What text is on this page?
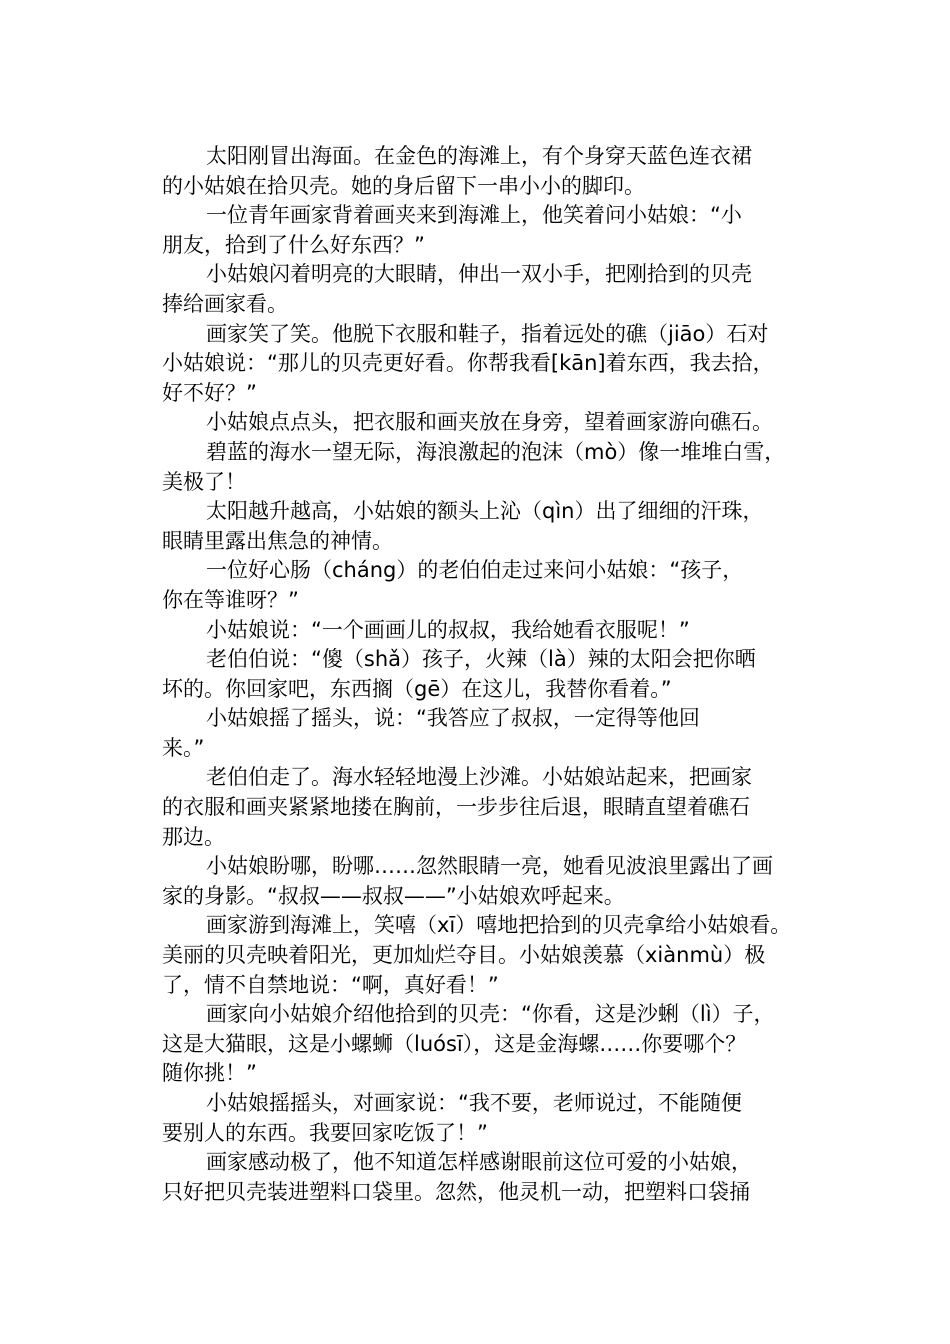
太阳刚冒出海面。在金色的海滩上，有个身穿天蓝色连衣裙
的小姑娘在拾贝壳。她的身后留下一串小小的脚印。

一位青年画家背着画夹来到海滩上，他笑着问小姑娘：“小
朋友，拾到了什么好东西？”

小姑娘闪着明亮的大眼睛，伸出一双小手，把刚拾到的贝壳
捧给画家看。

画家笑了笑。他脱下衣服和鞋子，指着远处的礁（jiāo）石对
小姑娘说：“那儿的贝壳更好看。你帮我看[kān]着东西，我去拾，
好不好？”

小姑娘点点头，把衣服和画夹放在身旁，望着画家游向礁石。

碧蓝的海水一望无际，海浪激起的泡沫（mò）像一堆堆白雪，
美极了！

太阳越升越高，小姑娘的额头上沁（qìn）出了细细的汗珠，
眼睛里露出焦急的神情。

一位好心肠（cháng）的老伯伯走过来问小姑娘：“孩子，
你在等谁呀？”

小姑娘说：“一个画画儿的叔叔，我给她看衣服呢！”

老伯伯说：“傻（shǎ）孩子，火辣（là）辣的太阳会把你晒
坏的。你回家吧，东西搁（gē）在这儿，我替你看着。”

小姑娘摇了摇头，说：“我答应了叔叔，一定得等他回
来。”

老伯伯走了。海水轻轻地漫上沙滩。小姑娘站起来，把画家
的衣服和画夹紧紧地搂在胸前，一步步往后退，眼睛直望着礁石
那边。

小姑娘盼哪，盼哪……忽然眼睛一亮，她看见波浪里露出了画
家的身影。“叔叔——叔叔——”小姑娘欢呼起来。

画家游到海滩上，笑嘻（xī）嘻地把拾到的贝壳拿给小姑娘看。
美丽的贝壳映着阳光，更加灿烂夺目。小姑娘羡慕（xiànmù）极
了，情不自禁地说：“啊，真好看！”

画家向小姑娘介绍他拾到的贝壳：“你看，这是沙蜊（lì）子，
这是大猫眼，这是小螺蛳（luósī），这是金海螺……你要哪个？
随你挑！”

小姑娘摇摇头，对画家说：“我不要，老师说过，不能随便
要别人的东西。我要回家吃饭了！”

画家感动极了，他不知道怎样感谢眼前这位可爱的小姑娘，
只好把贝壳装进塑料口袋里。忽然，他灵机一动，把塑料口袋捅
